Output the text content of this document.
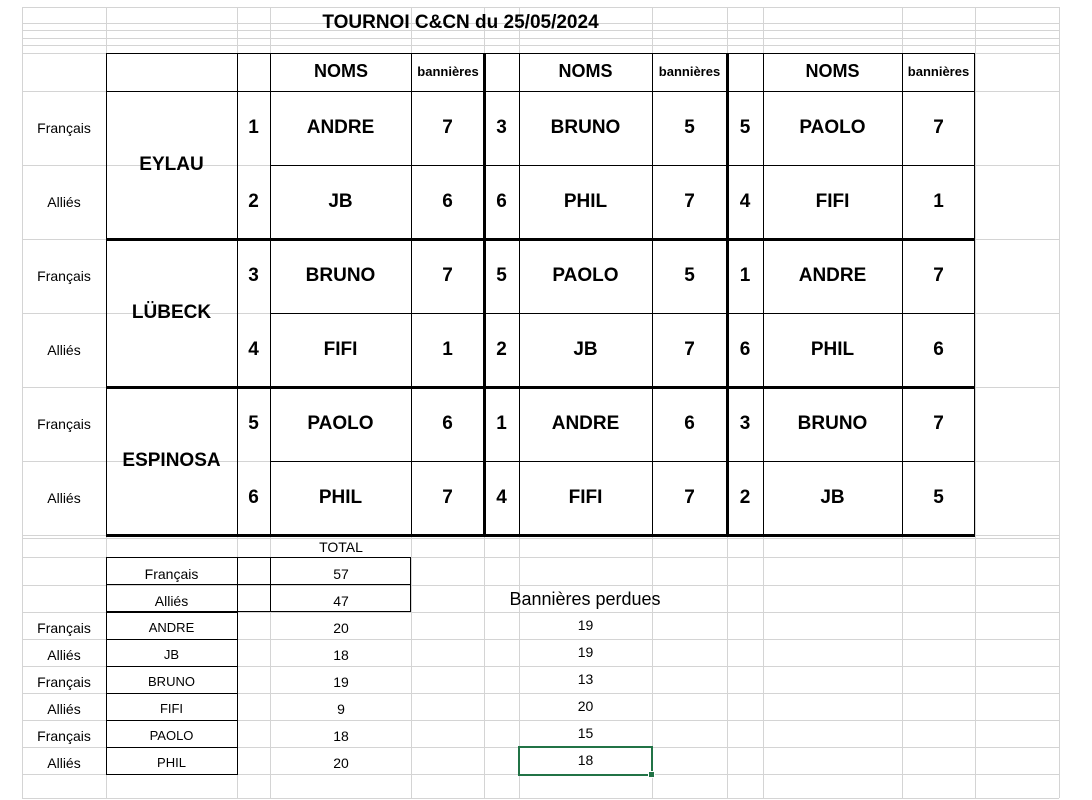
TOURNOI C&CN du 25/05/2024
NOMS	bannières	NOMS	bannières	NOMS	bannières
TOTAL
Bannières perdues
EYLAU
Français	1	ANDRE	7	3	BRUNO	5	5	PAOLO	7
Alliés	2	JB	6	6	PHIL	7	4	FIFI	1
LÜBECK
Français	3	BRUNO	7	5	PAOLO	5	1	ANDRE	7
Alliés	4	FIFI	1	2	JB	7	6	PHIL	6
ESPINOSA
Français	5	PAOLO	6	1	ANDRE	6	3	BRUNO	7
Alliés	6	PHIL	7	4	FIFI	7	2	JB	5
Français	57
Alliés	47
Français	ANDRE	20	19
Alliés	JB	18	19
Français	BRUNO	19	13
Alliés	FIFI	9	20
Français	PAOLO	18	15
Alliés	PHIL	20	18
